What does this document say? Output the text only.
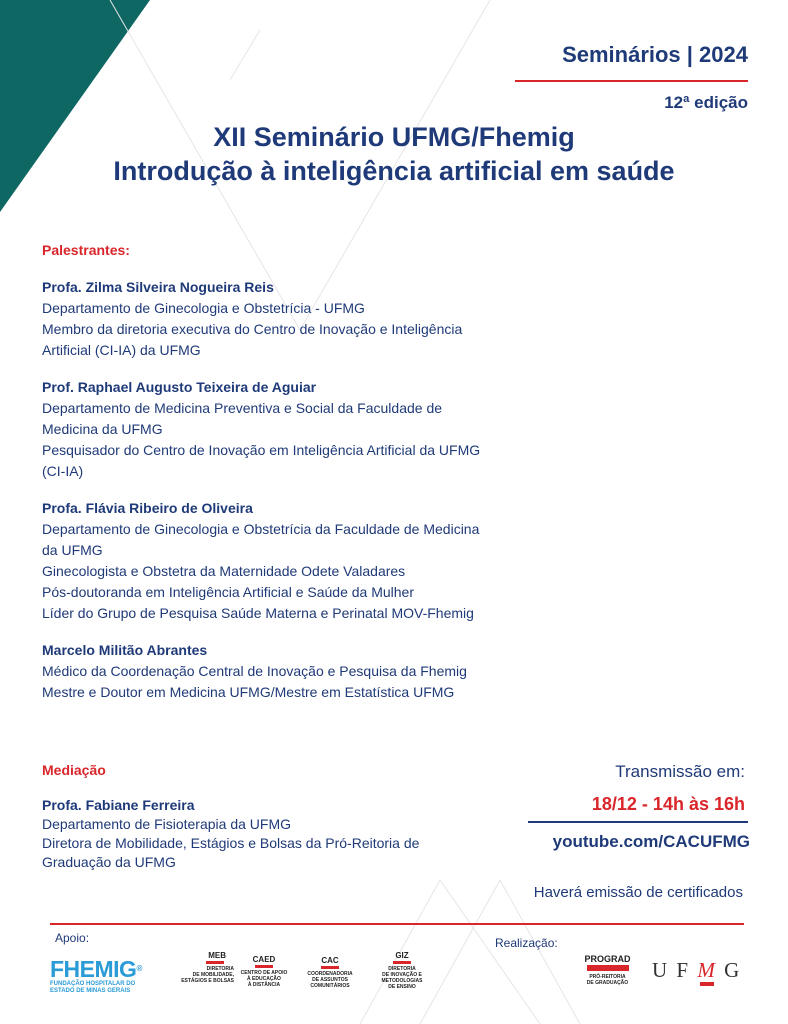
Seminários | 2024
12ª edição
XII Seminário UFMG/Fhemig
Introdução à inteligência artificial em saúde
Palestrantes:
Profa. Zilma Silveira Nogueira Reis
Departamento de Ginecologia e Obstetrícia - UFMG
Membro da diretoria executiva do Centro de Inovação e Inteligência
Artificial (CI-IA) da UFMG
Prof. Raphael Augusto Teixeira de Aguiar
Departamento de Medicina Preventiva e Social da Faculdade de
Medicina da UFMG
Pesquisador do Centro de Inovação em Inteligência Artificial da UFMG
(CI-IA)
Profa. Flávia Ribeiro de Oliveira
Departamento de Ginecologia e Obstetrícia da Faculdade de Medicina
da UFMG
Ginecologista e Obstetra da Maternidade Odete Valadares
Pós-doutoranda em Inteligência Artificial e Saúde da Mulher
Líder do Grupo de Pesquisa Saúde Materna e Perinatal MOV-Fhemig
Marcelo Militão Abrantes
Médico da Coordenação Central de Inovação e Pesquisa da Fhemig
Mestre e Doutor em Medicina UFMG/Mestre em Estatística UFMG
Mediação
Profa. Fabiane Ferreira
Departamento de Fisioterapia da UFMG
Diretora de Mobilidade, Estágios e Bolsas da Pró-Reitoria de
Graduação da UFMG
Transmissão em:
18/12 - 14h às 16h
youtube.com/CACUFMG
Haverá emissão de certificados
Apoio:	Realização:
FHEMIG®
FUNDAÇÃO HOSPITALAR DO
ESTADO DE MINAS GERAIS
MEB
DIRETORIA
DE MOBILIDADE,
ESTÁGIOS E BOLSAS
CAED
CENTRO DE APOIO
À EDUCAÇÃO
À DISTÂNCIA
CAC
COORDENADORIA
DE ASSUNTOS
COMUNITÁRIOS
GIZ
DIRETORIA
DE INOVAÇÃO E
METODOLOGIAS
DE ENSINO
PROGRAD
PRÓ-REITORIA
DE GRADUAÇÃO
U F M G
